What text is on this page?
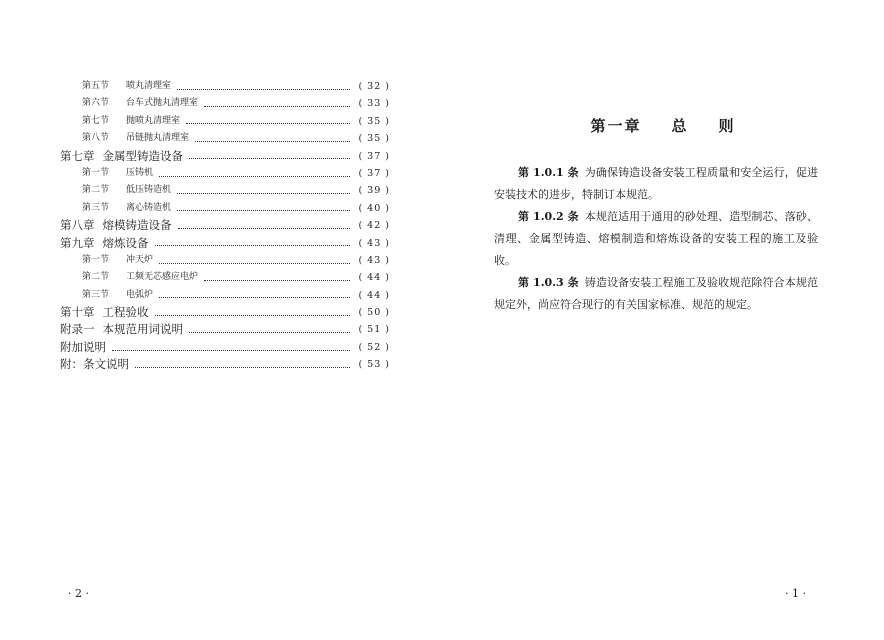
第五节	喷丸清理室	( 32 )
第六节	台车式抛丸清理室	( 33 )
第七节	抛喷丸清理室	( 35 )
第八节	吊链抛丸清理室	( 35 )
第七章 金属型铸造设备	( 37 )
第一节	压铸机	( 37 )
第二节	低压铸造机	( 39 )
第三节	离心铸造机	( 40 )
第八章 熔模铸造设备	( 42 )
第九章 熔炼设备	( 43 )
第一节	冲天炉	( 43 )
第二节	工频无芯感应电炉	( 44 )
第三节	电弧炉	( 44 )
第十章 工程验收	( 50 )
附录一 本规范用词说明	( 51 )
附加说明	( 52 )
附：条文说明	( 53 )
· 2 ·
第一章 总 则

第 1.0.1 条 为确保铸造设备安装工程质量和安全运行，促进安装技术的进步，特制订本规范。

第 1.0.2 条 本规范适用于通用的砂处理、造型制芯、落砂、清理、金属型铸造、熔模制造和熔炼设备的安装工程的施工及验收。

第 1.0.3 条 铸造设备安装工程施工及验收规范除符合本规范规定外，尚应符合现行的有关国家标准、规范的规定。

· 1 ·
